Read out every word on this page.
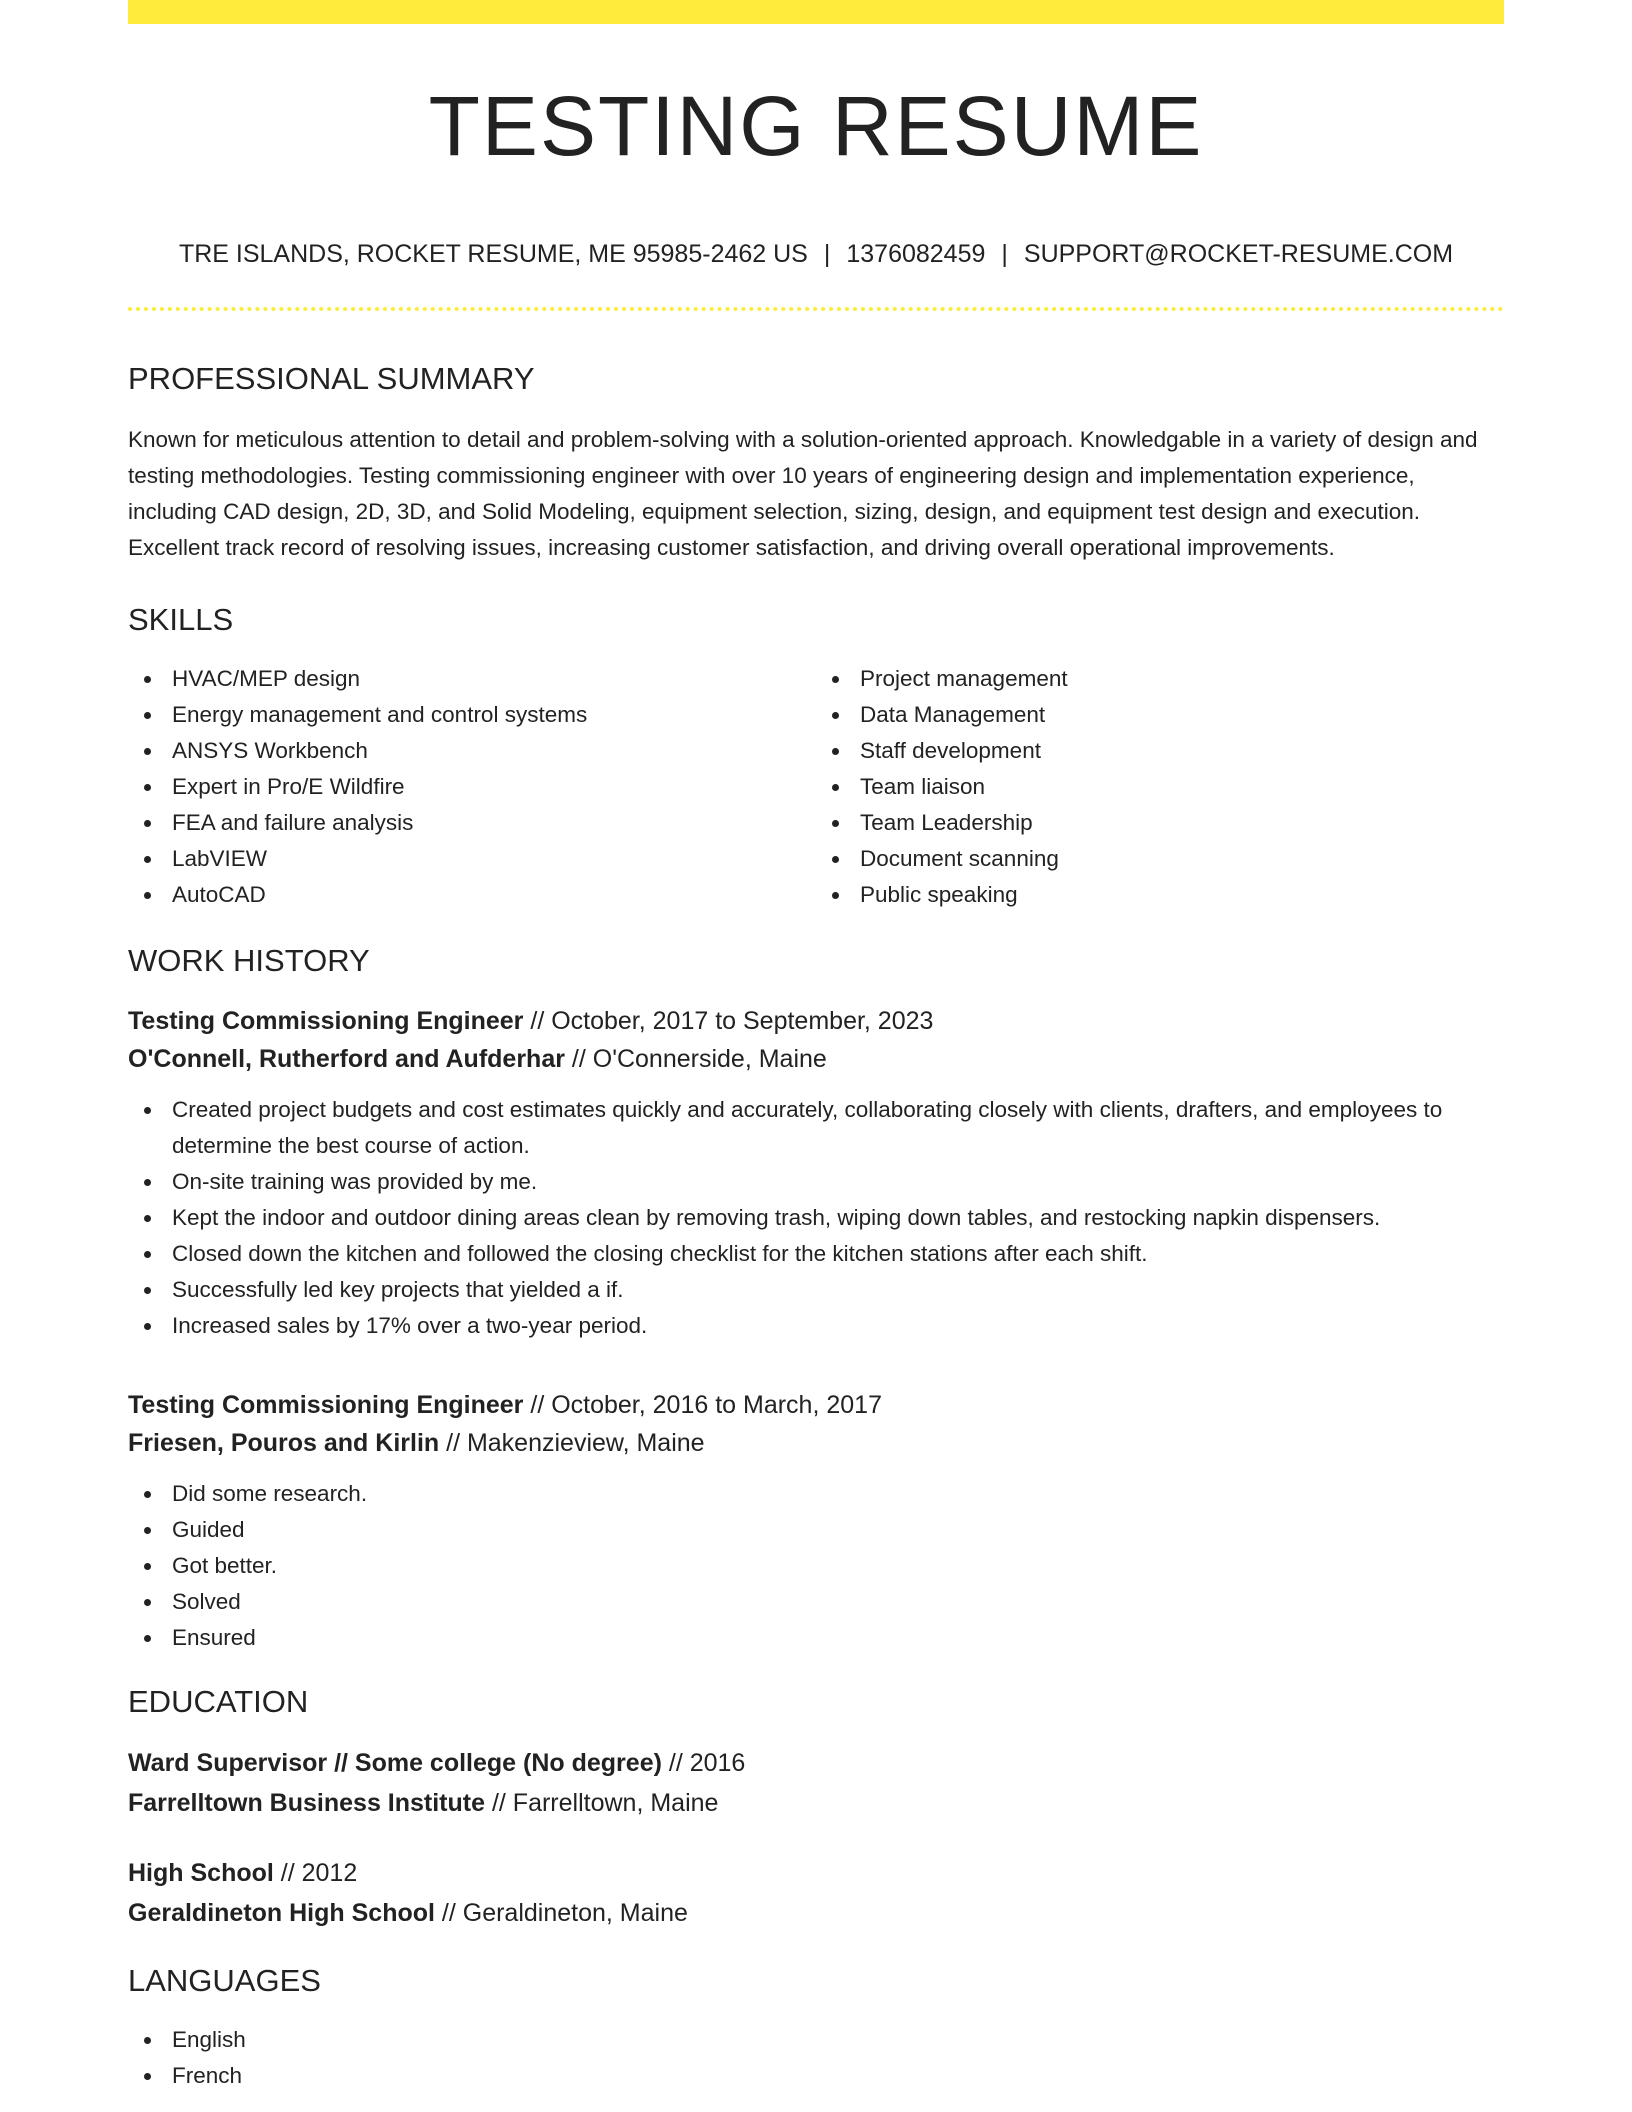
TESTING RESUME
TRE ISLANDS, ROCKET RESUME, ME 95985-2462 US | 1376082459 | SUPPORT@ROCKET-RESUME.COM
PROFESSIONAL SUMMARY

Known for meticulous attention to detail and problem-solving with a solution-oriented approach. Knowledgable in a variety of design and testing methodologies. Testing commissioning engineer with over 10 years of engineering design and implementation experience, including CAD design, 2D, 3D, and Solid Modeling, equipment selection, sizing, design, and equipment test design and execution. Excellent track record of resolving issues, increasing customer satisfaction, and driving overall operational improvements.

SKILLS
HVAC/MEP design
Energy management and control systems
ANSYS Workbench
Expert in Pro/E Wildfire
FEA and failure analysis
LabVIEW
AutoCAD
Project management
Data Management
Staff development
Team liaison
Team Leadership
Document scanning
Public speaking
WORK HISTORY
Testing Commissioning Engineer // October, 2017 to September, 2023
O'Connell, Rutherford and Aufderhar // O'Connerside, Maine
Created project budgets and cost estimates quickly and accurately, collaborating closely with clients, drafters, and employees to determine the best course of action.
On-site training was provided by me.
Kept the indoor and outdoor dining areas clean by removing trash, wiping down tables, and restocking napkin dispensers.
Closed down the kitchen and followed the closing checklist for the kitchen stations after each shift.
Successfully led key projects that yielded a if.
Increased sales by 17% over a two-year period.
Testing Commissioning Engineer // October, 2016 to March, 2017
Friesen, Pouros and Kirlin // Makenzieview, Maine
Did some research.
Guided
Got better.
Solved
Ensured
EDUCATION
Ward Supervisor // Some college (No degree) // 2016
Farrelltown Business Institute // Farrelltown, Maine
High School // 2012
Geraldineton High School // Geraldineton, Maine
LANGUAGES
English
French
